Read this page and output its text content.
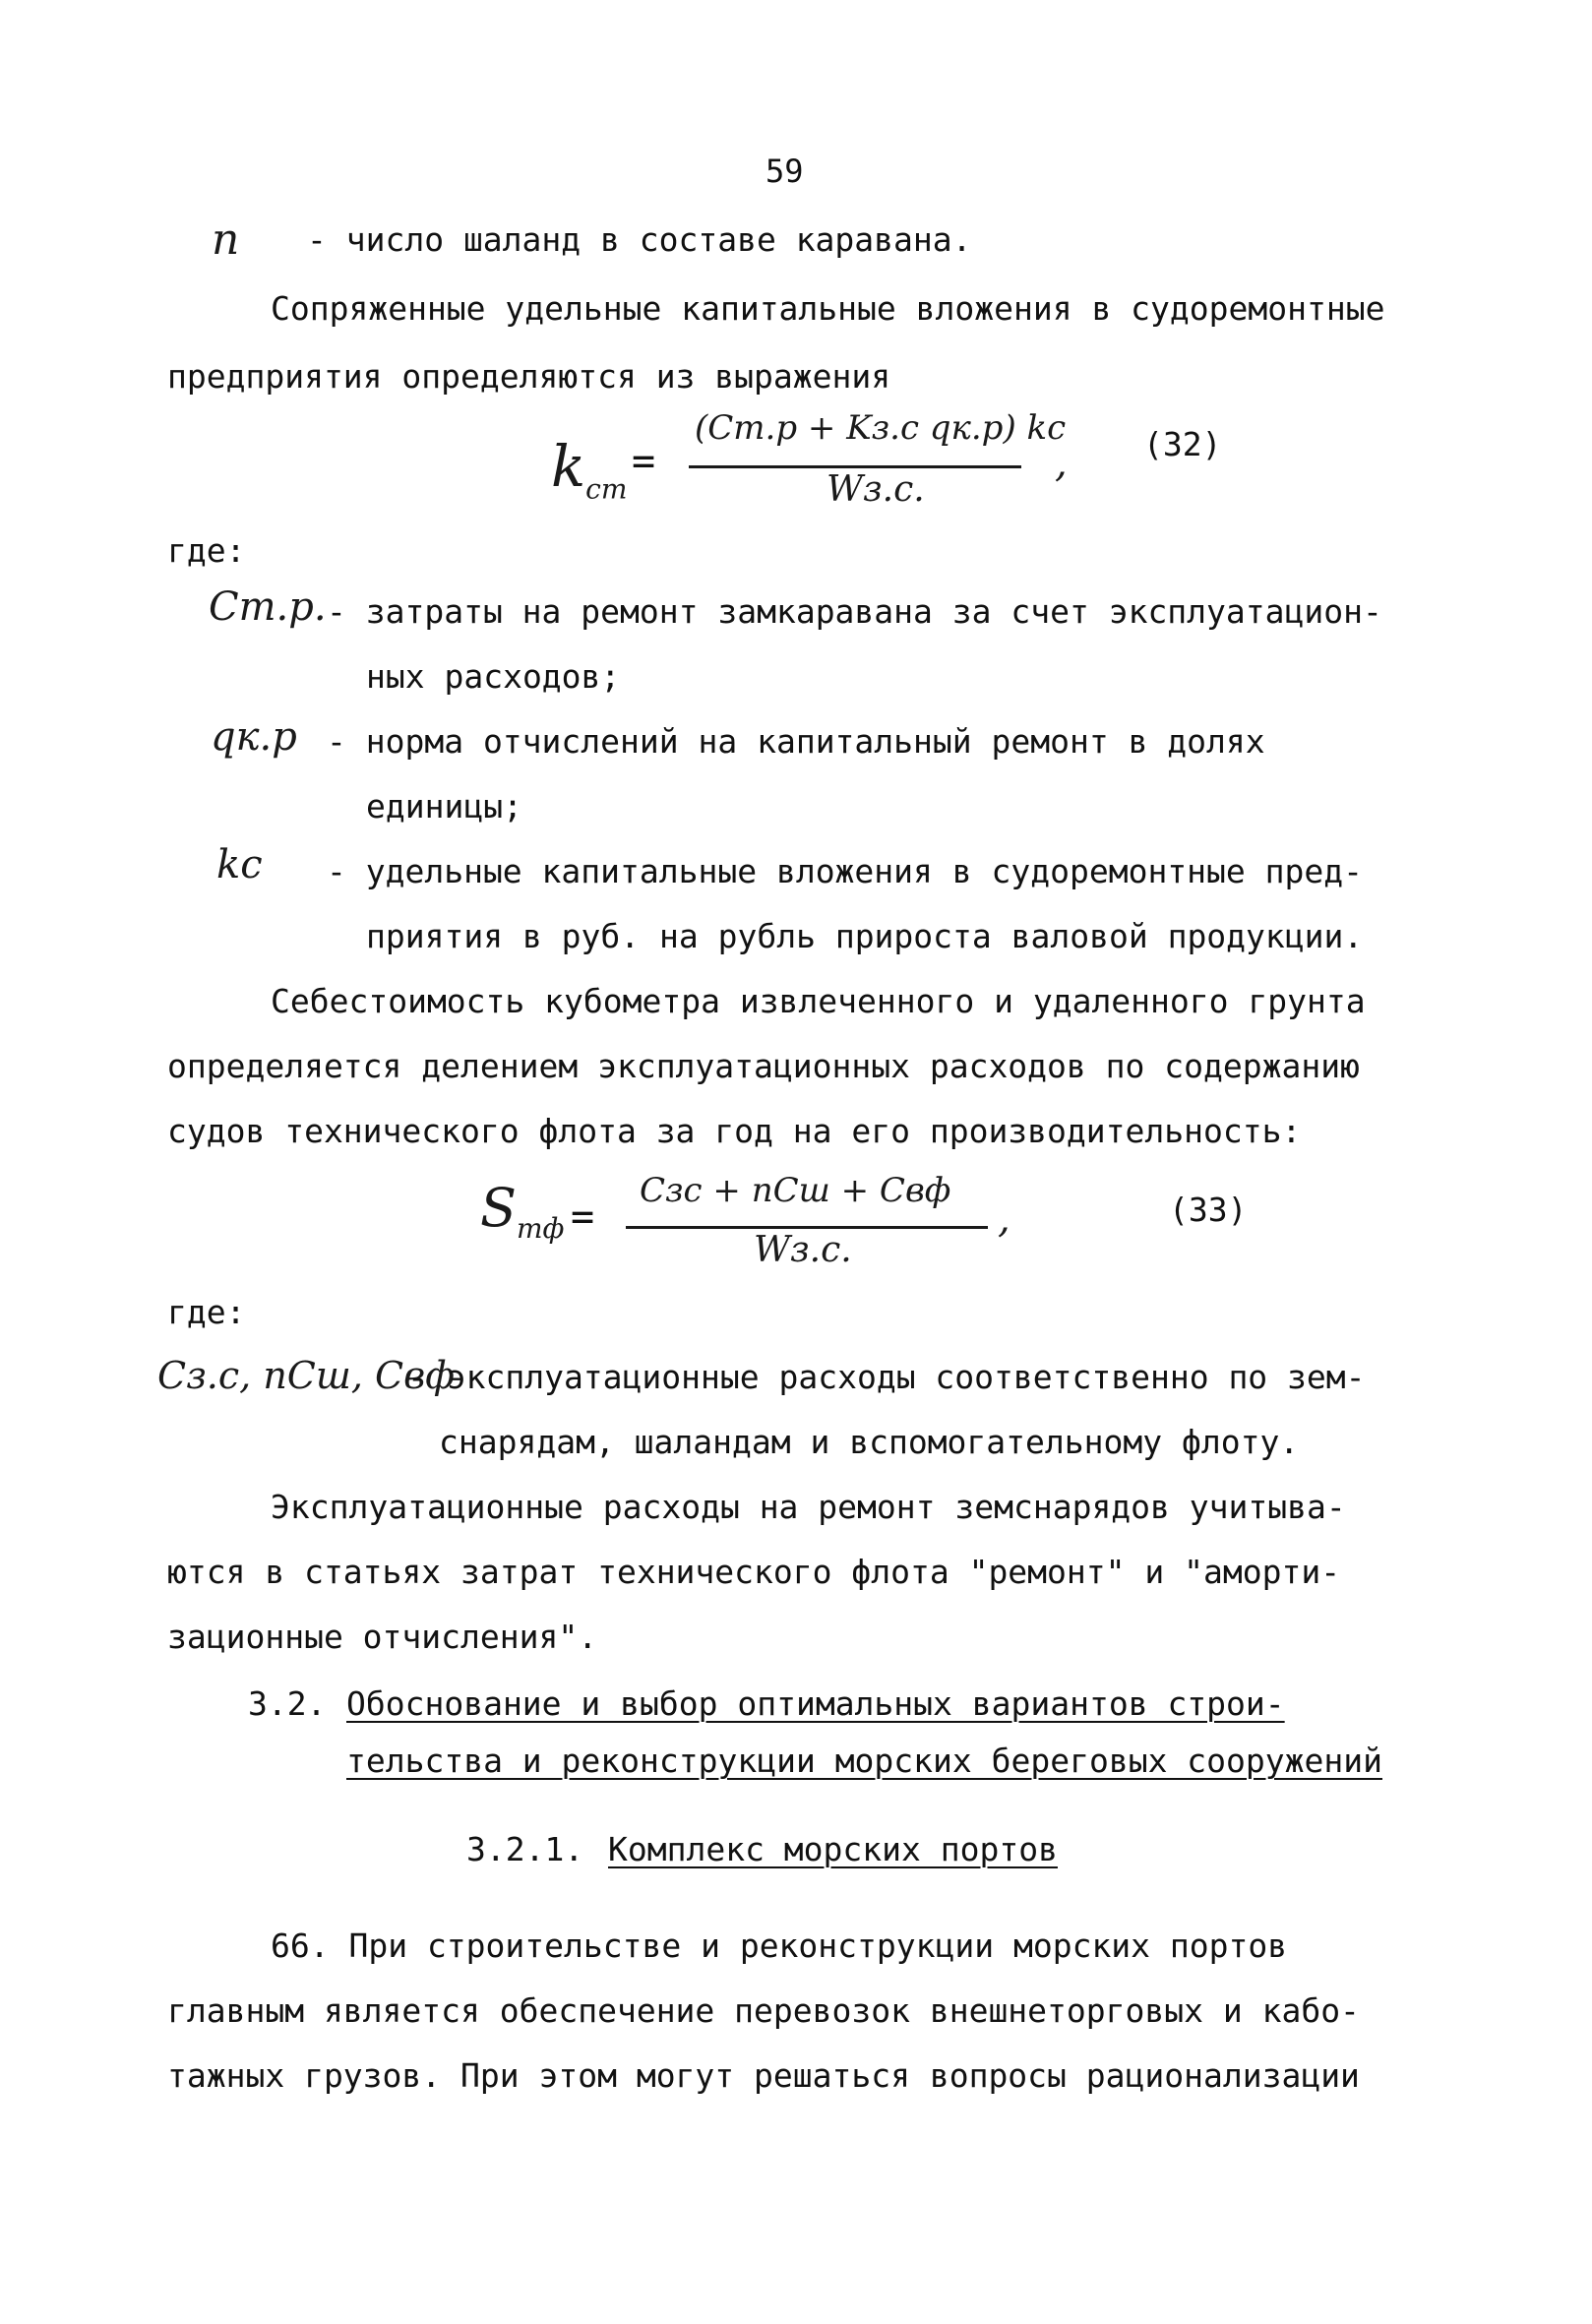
59
n - число шаланд в составе каравана.
Сопряженные удельные капитальные вложения в судоремонтные
предприятия определяются из выражения
$k_{ст}$
=
(Cт.р + Kз.с qк.р) kс
Wз.с.
, (32)
где:
Cт.р. - затраты на ремонт замкаравана за счет эксплуатацион-
ных расходов;
qк.р - норма отчислений на капитальный ремонт в долях
единицы;
kс - удельные капитальные вложения в судоремонтные пред-
приятия в руб. на рубль прироста валовой продукции.
Себестоимость кубометра извлеченного и удаленного грунта
определяется делением эксплуатационных расходов по содержанию
судов технического флота за год на его производительность:
$S_{тф}$ =
Cзс + nCш + Cвф
Wз.с.
,	(33)
где:
Cз.с, nCш, Cвф
- эксплуатационные расходы соответственно по зем-
снарядам, шаландам и вспомогательному флоту.
Эксплуатационные расходы на ремонт земснарядов учитыва-
ются в статьях затрат технического флота "ремонт" и "аморти-
зационные отчисления".
3.2. Обоснование и выбор оптимальных вариантов строи-
тельства и реконструкции морских береговых сооружений
3.2.1. Комплекс морских портов
66. При строительстве и реконструкции морских портов
главным является обеспечение перевозок внешнеторговых и кабо-
тажных грузов. При этом могут решаться вопросы рационализации
